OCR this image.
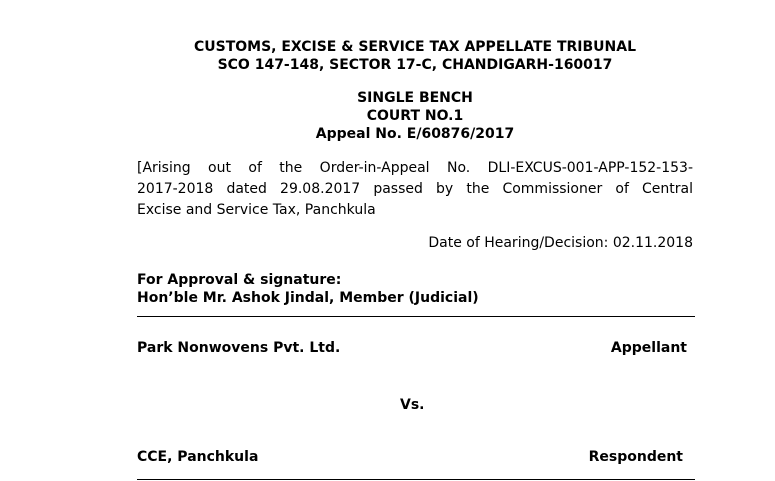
CUSTOMS, EXCISE & SERVICE TAX APPELLATE TRIBUNAL
SCO 147-148, SECTOR 17-C, CHANDIGARH-160017
SINGLE BENCH
COURT NO.1
Appeal No. E/60876/2017
[Arising out of the Order-in-Appeal No. DLI-EXCUS-001-APP-152-153-
2017-2018 dated 29.08.2017 passed by the Commissioner of Central
Excise and Service Tax, Panchkula
Date of Hearing/Decision: 02.11.2018
For Approval & signature:
Hon’ble Mr. Ashok Jindal, Member (Judicial)
Park Nonwovens Pvt. Ltd.	Appellant
Vs.
CCE, Panchkula	Respondent
